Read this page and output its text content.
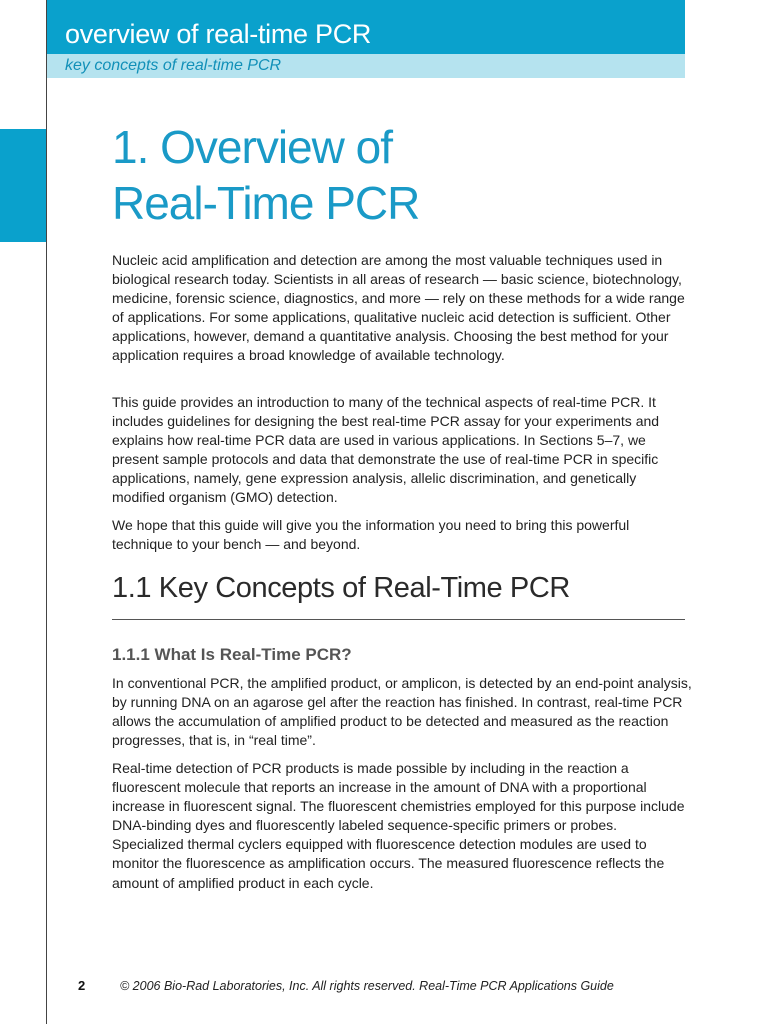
overview of real-time PCR
key concepts of real-time PCR
1. Overview of
Real-Time PCR

Nucleic acid amplification and detection are among the most valuable techniques used in biological research today. Scientists in all areas of research — basic science, biotechnology, medicine, forensic science, diagnostics, and more — rely on these methods for a wide range of applications. For some applications, qualitative nucleic acid detection is sufficient. Other applications, however, demand a quantitative analysis. Choosing the best method for your application requires a broad knowledge of available technology.

This guide provides an introduction to many of the technical aspects of real-time PCR. It includes guidelines for designing the best real-time PCR assay for your experiments and explains how real-time PCR data are used in various applications. In Sections 5–7, we present sample protocols and data that demonstrate the use of real-time PCR in specific applications, namely, gene expression analysis, allelic discrimination, and genetically modified organism (GMO) detection.

We hope that this guide will give you the information you need to bring this powerful technique to your bench — and beyond.

1.1 Key Concepts of Real-Time PCR
1.1.1 What Is Real-Time PCR?

In conventional PCR, the amplified product, or amplicon, is detected by an end-point analysis, by running DNA on an agarose gel after the reaction has finished. In contrast, real-time PCR allows the accumulation of amplified product to be detected and measured as the reaction progresses, that is, in “real time”.

Real-time detection of PCR products is made possible by including in the reaction a fluorescent molecule that reports an increase in the amount of DNA with a proportional increase in fluorescent signal. The fluorescent chemistries employed for this purpose include DNA-binding dyes and fluorescently labeled sequence-specific primers or probes. Specialized thermal cyclers equipped with fluorescence detection modules are used to monitor the fluorescence as amplification occurs. The measured fluorescence reflects the amount of amplified product in each cycle.

2	© 2006 Bio-Rad Laboratories, Inc. All rights reserved. Real-Time PCR Applications Guide
